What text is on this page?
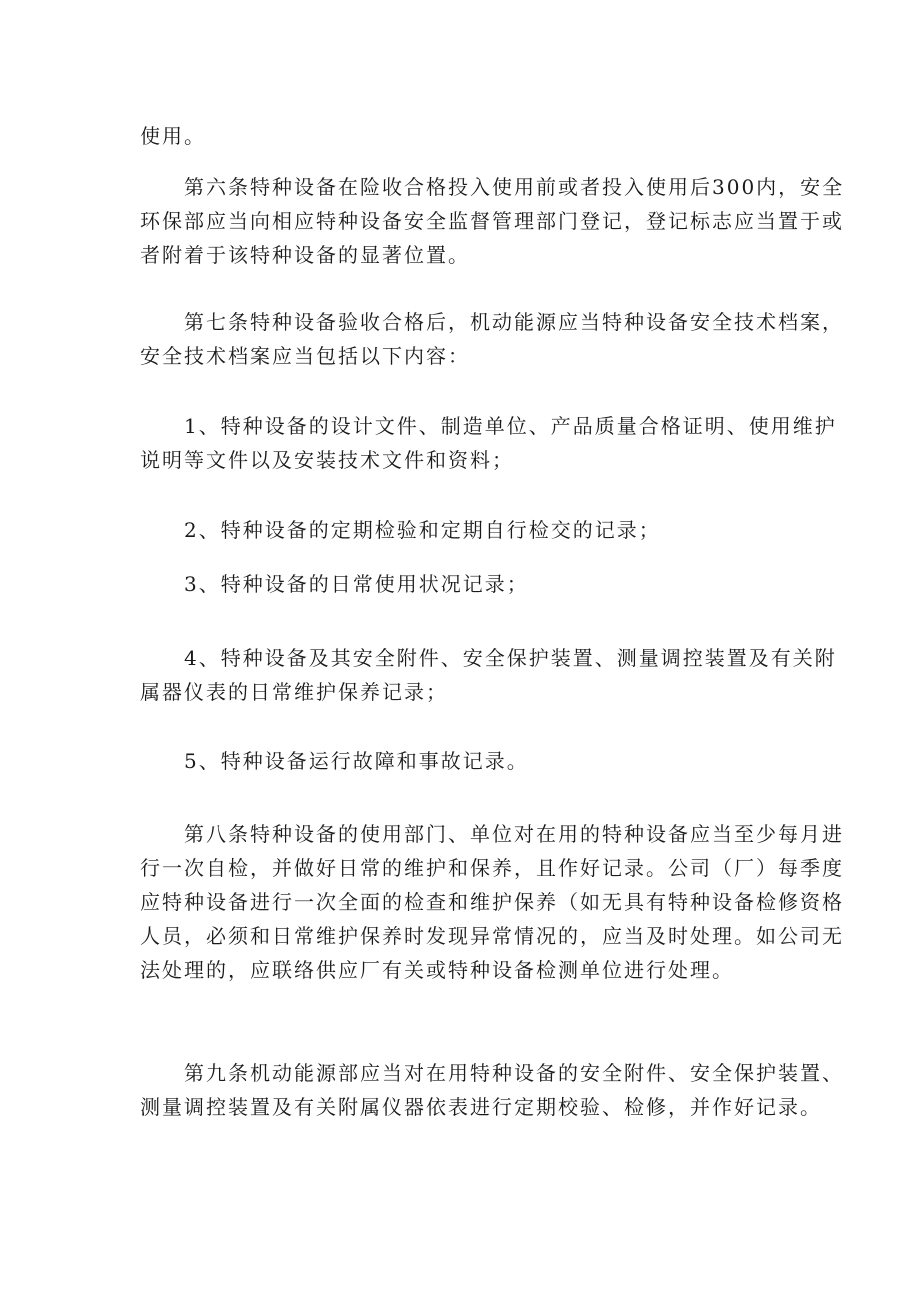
使用。

　　第六条特种设备在险收合格投入使用前或者投入使用后300内，安全
环保部应当向相应特种设备安全监督管理部门登记，登记标志应当置于或
者附着于该特种设备的显著位置。

　　第七条特种设备验收合格后，机动能源应当特种设备安全技术档案，
安全技术档案应当包括以下内容：

　　1、特种设备的设计文件、制造单位、产品质量合格证明、使用维护
说明等文件以及安装技术文件和资料；

　　2、特种设备的定期检验和定期自行检交的记录；

　　3、特种设备的日常使用状况记录；

　　4、特种设备及其安全附件、安全保护装置、测量调控装置及有关附
属器仪表的日常维护保养记录；

　　5、特种设备运行故障和事故记录。

　　第八条特种设备的使用部门、单位对在用的特种设备应当至少每月进
行一次自检，并做好日常的维护和保养，且作好记录。公司（厂）每季度
应特种设备进行一次全面的检查和维护保养（如无具有特种设备检修资格
人员，必须和日常维护保养时发现异常情况的，应当及时处理。如公司无
法处理的，应联络供应厂有关或特种设备检测单位进行处理。

　　第九条机动能源部应当对在用特种设备的安全附件、安全保护装置、
测量调控装置及有关附属仪器依表进行定期校验、检修，并作好记录。
